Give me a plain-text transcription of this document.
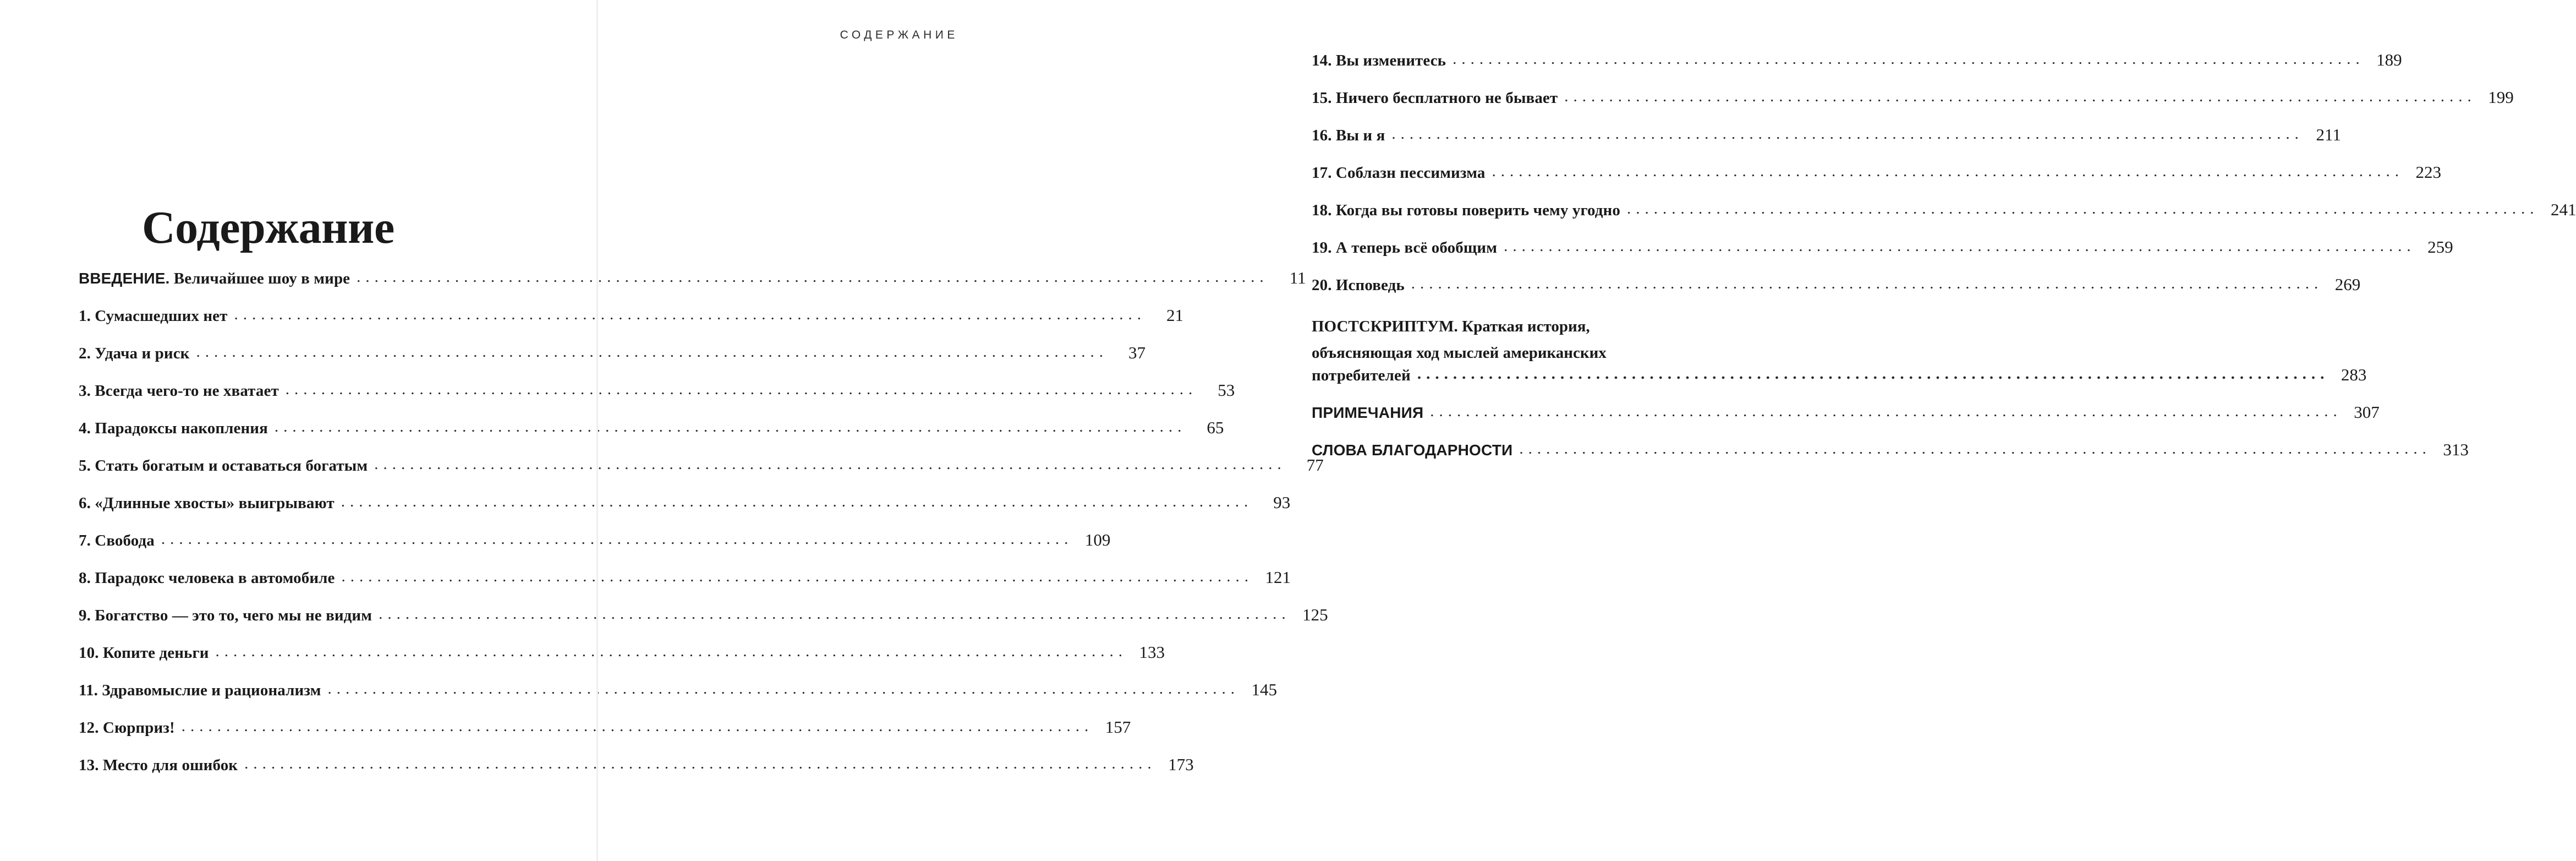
Содержание
ВВЕДЕНИЕ. Величайшее шоу в мире .....	11
1. Сумасшедших нет .....	21
2. Удача и риск .....	37
3. Всегда чего-то не хватает .....	53
4. Парадоксы накопления .....	65
5. Стать богатым и оставаться богатым .....	77
6. «Длинные хвосты» выигрывают .....	93
7. Свобода .....	109
8. Парадокс человека в автомобиле .....	121
9. Богатство — это то, чего мы не видим .....	125
10. Копите деньги .....	133
11. Здравомыслие и рационализм .....	145
12. Сюрприз! .....	157
13. Место для ошибок .....	173
СОДЕРЖАНИЕ
14. Вы изменитесь .....	189
15. Ничего бесплатного не бывает .....	199
16. Вы и я .....	211
17. Соблазн пессимизма .....	223
18. Когда вы готовы поверить чему угодно .....	241
19. А теперь всё обобщим .....	259
20. Исповедь .....	269
ПОСТСКРИПТУМ. Краткая история,
объясняющая ход мыслей американских
потребителей .....	283
ПРИМЕЧАНИЯ .....	307
СЛОВА БЛАГОДАРНОСТИ .....	313
